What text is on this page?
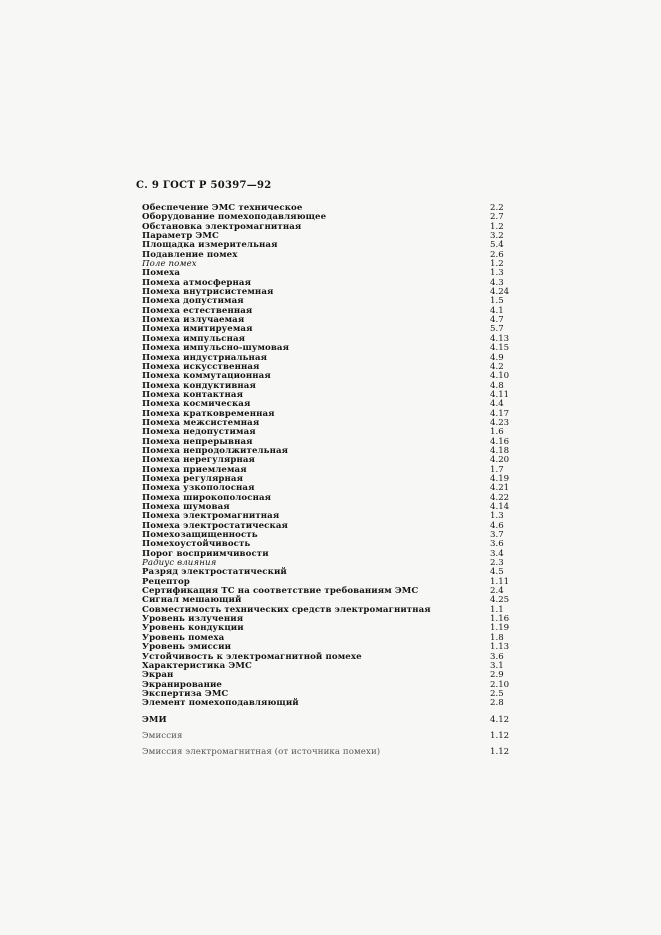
С. 9 ГОСТ Р 50397—92
Обеспечение ЭМС техническое	2.2
Оборудование помехоподавляющее	2.7
Обстановка электромагнитная	1.2
Параметр ЭМС	3.2
Площадка измерительная	5.4
Подавление помех	2.6
Поле помех	1.2
Помеха	1.3
Помеха атмосферная	4.3
Помеха внутрисистемная	4.24
Помеха допустимая	1.5
Помеха естественная	4.1
Помеха излучаемая	4.7
Помеха имитируемая	5.7
Помеха импульсная	4.13
Помеха импульсно-шумовая	4.15
Помеха индустриальная	4.9
Помеха искусственная	4.2
Помеха коммутационная	4.10
Помеха кондуктивная	4.8
Помеха контактная	4.11
Помеха космическая	4.4
Помеха кратковременная	4.17
Помеха межсистемная	4.23
Помеха недопустимая	1.6
Помеха непрерывная	4.16
Помеха непродолжительная	4.18
Помеха нерегулярная	4.20
Помеха приемлемая	1.7
Помеха регулярная	4.19
Помеха узкополосная	4.21
Помеха широкополосная	4.22
Помеха шумовая	4.14
Помеха электромагнитная	1.3
Помеха электростатическая	4.6
Помехозащищенность	3.7
Помехоустойчивость	3.6
Порог восприимчивости	3.4
Радиус влияния	2.3
Разряд электростатический	4.5
Рецептор	1.11
Сертификация ТС на соответствие требованиям ЭМС	2.4
Сигнал мешающий	4.25
Совместимость технических средств электромагнитная	1.1
Уровень излучения	1.16
Уровень кондукции	1.19
Уровень помеха	1.8
Уровень эмиссии	1.13
Устойчивость к электромагнитной помехе	3.6
Характеристика ЭМС	3.1
Экран	2.9
Экранирование	2.10
Экспертиза ЭМС	2.5
Элемент помехоподавляющий	2.8
ЭМИ	4.12
Эмиссия	1.12
Эмиссия электромагнитная (от источника помехи)	1.12
